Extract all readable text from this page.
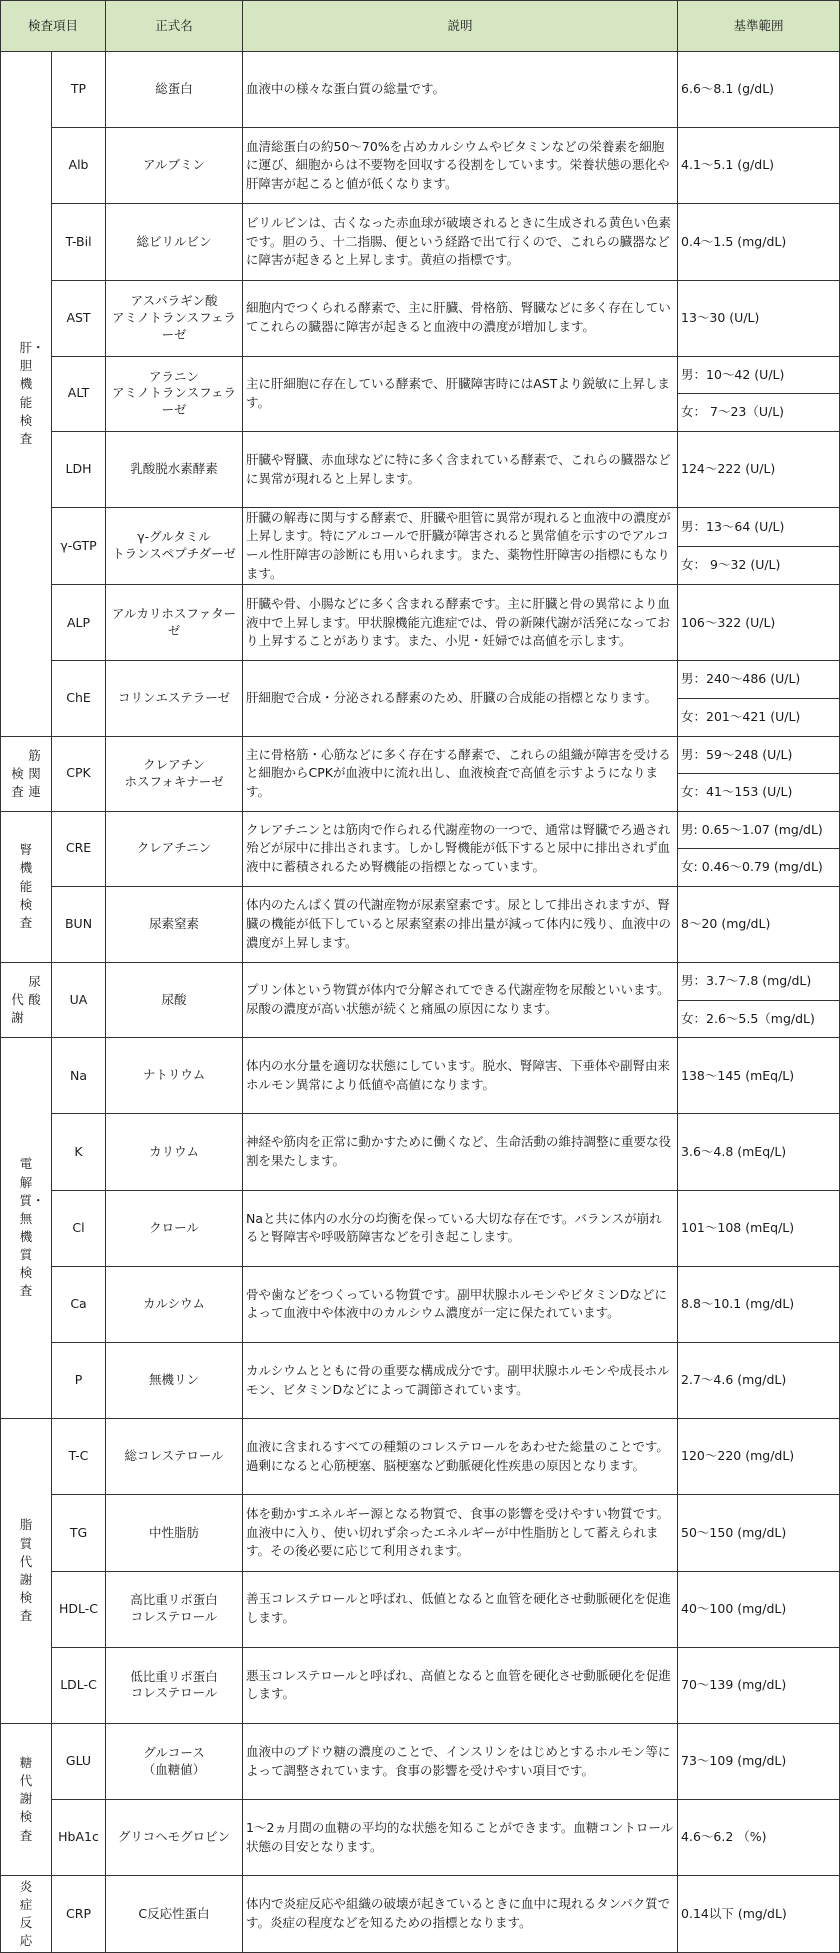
検査項目		正式名	説明	基準範囲
肝・胆機能検査	TP	総蛋白	血液中の様々な蛋白質の総量です。	6.6～8.1 (g/dL)
	Alb	アルブミン	血清総蛋白の約50～70%を占めカルシウムやビタミンなどの栄養素を細胞に運び、細胞からは不要物を回収する役割をしています。栄養状態の悪化や肝障害が起こると値が低くなります。	4.1～5.1 (g/dL)
	T-Bil	総ビリルビン	ビリルビンは、古くなった赤血球が破壊されるときに生成される黄色い色素です。胆のう、十二指腸、便という経路で出て行くので、これらの臓器などに障害が起きると上昇します。黄疸の指標です。	0.4～1.5 (mg/dL)
	AST	アスパラギン酸
アミノトランスフェラーゼ	細胞内でつくられる酵素で、主に肝臓、骨格筋、腎臓などに多く存在していてこれらの臓器に障害が起きると血液中の濃度が増加します。	13～30 (U/L)
	ALT	アラニン
アミノトランスフェラーゼ	主に肝細胞に存在している酵素で、肝臓障害時にはASTより鋭敏に上昇します。	男：10～42 (U/L)
				女： 7～23（U/L)
	LDH	乳酸脱水素酵素	肝臓や腎臓、赤血球などに特に多く含まれている酵素で、これらの臓器などに異常が現れると上昇します。	124～222 (U/L)
	γ-GTP	γ-グルタミル
トランスペプチダーゼ	肝臓の解毒に関与する酵素で、肝臓や胆管に異常が現れると血液中の濃度が上昇します。特にアルコールで肝臓が障害されると異常値を示すのでアルコール性肝障害の診断にも用いられます。また、薬物性肝障害の指標にもなります。	男：13～64 (U/L)
				女： 9～32 (U/L)
	ALP	アルカリホスファターゼ	肝臓や骨、小腸などに多く含まれる酵素です。主に肝臓と骨の異常により血液中で上昇します。甲状腺機能亢進症では、骨の新陳代謝が活発になっており上昇することがあります。また、小児・妊婦では高値を示します。	106～322 (U/L)
	ChE	コリンエステラーゼ	肝細胞で合成・分泌される酵素のため、肝臓の合成能の指標となります。	男：240～486 (U/L)
				女：201～421 (U/L)

検査
筋関連	CPK	クレアチン
ホスフォキナーゼ	主に骨格筋・心筋などに多く存在する酵素で、これらの組織が障害を受けると細胞からCPKが血液中に流れ出し、血液検査で高値を示すようになります。	男：59～248 (U/L)
				女：41～153 (U/L)
腎機能検査	CRE	クレアチニン	クレアチニンとは筋肉で作られる代謝産物の一つで、通常は腎臓でろ過され殆どが尿中に排出されます。しかし腎機能が低下すると尿中に排出されず血液中に蓄積されるため腎機能の指標となっています。	男: 0.65～1.07 (mg/dL)
				女: 0.46～0.79 (mg/dL)
	BUN	尿素窒素	体内のたんぱく質の代謝産物が尿素窒素です。尿として排出されますが、腎臓の機能が低下していると尿素窒素の排出量が減って体内に残り、血液中の濃度が上昇します。	8～20 (mg/dL)

代謝
尿酸	UA	尿酸	プリン体という物質が体内で分解されてできる代謝産物を尿酸といいます。尿酸の濃度が高い状態が続くと痛風の原因になります。	男：3.7～7.8 (mg/dL)
				女：2.6～5.5（mg/dL)
電解質・無機質検査	Na	ナトリウム	体内の水分量を適切な状態にしています。脱水、腎障害、下垂体や副腎由来ホルモン異常により低値や高値になります。	138～145 (mEq/L)
	K	カリウム	神経や筋肉を正常に動かすために働くなど、生命活動の維持調整に重要な役割を果たします。	3.6～4.8 (mEq/L)
	Cl	クロール	Naと共に体内の水分の均衡を保っている大切な存在です。バランスが崩れると腎障害や呼吸筋障害などを引き起こします。	101～108 (mEq/L)
	Ca	カルシウム	骨や歯などをつくっている物質です。副甲状腺ホルモンやビタミンDなどによって血液中や体液中のカルシウム濃度が一定に保たれています。	8.8～10.1 (mg/dL)
	P	無機リン	カルシウムとともに骨の重要な構成成分です。副甲状腺ホルモンや成長ホルモン、ビタミンDなどによって調節されています。	2.7～4.6 (mg/dL)
脂質代謝検査	T-C	総コレステロール	血液に含まれるすべての種類のコレステロールをあわせた総量のことです。過剰になると心筋梗塞、脳梗塞など動脈硬化性疾患の原因となります。	120～220 (mg/dL)
	TG	中性脂肪	体を動かすエネルギー源となる物質で、食事の影響を受けやすい物質です。血液中に入り、使い切れず余ったエネルギーが中性脂肪として蓄えられます。その後必要に応じて利用されます。	50～150 (mg/dL)
	HDL-C	高比重リポ蛋白
コレステロール	善玉コレステロールと呼ばれ、低値となると血管を硬化させ動脈硬化を促進します。	40～100 (mg/dL)
	LDL-C	低比重リポ蛋白
コレステロール	悪玉コレステロールと呼ばれ、高値となると血管を硬化させ動脈硬化を促進します。	70～139 (mg/dL)
糖代謝検査	GLU	グルコース
（血糖値）	血液中のブドウ糖の濃度のことで、インスリンをはじめとするホルモン等によって調整されています。食事の影響を受けやすい項目です。	73～109 (mg/dL)
	HbA1c	グリコヘモグロビン	1～2ヵ月間の血糖の平均的な状態を知ることができます。血糖コントロール状態の目安となります。	4.6～6.2 （%)
炎症反応	CRP	C反応性蛋白	体内で炎症反応や組織の破壊が起きているときに血中に現れるタンパク質です。炎症の程度などを知るための指標となります。	0.14以下 (mg/dL)
